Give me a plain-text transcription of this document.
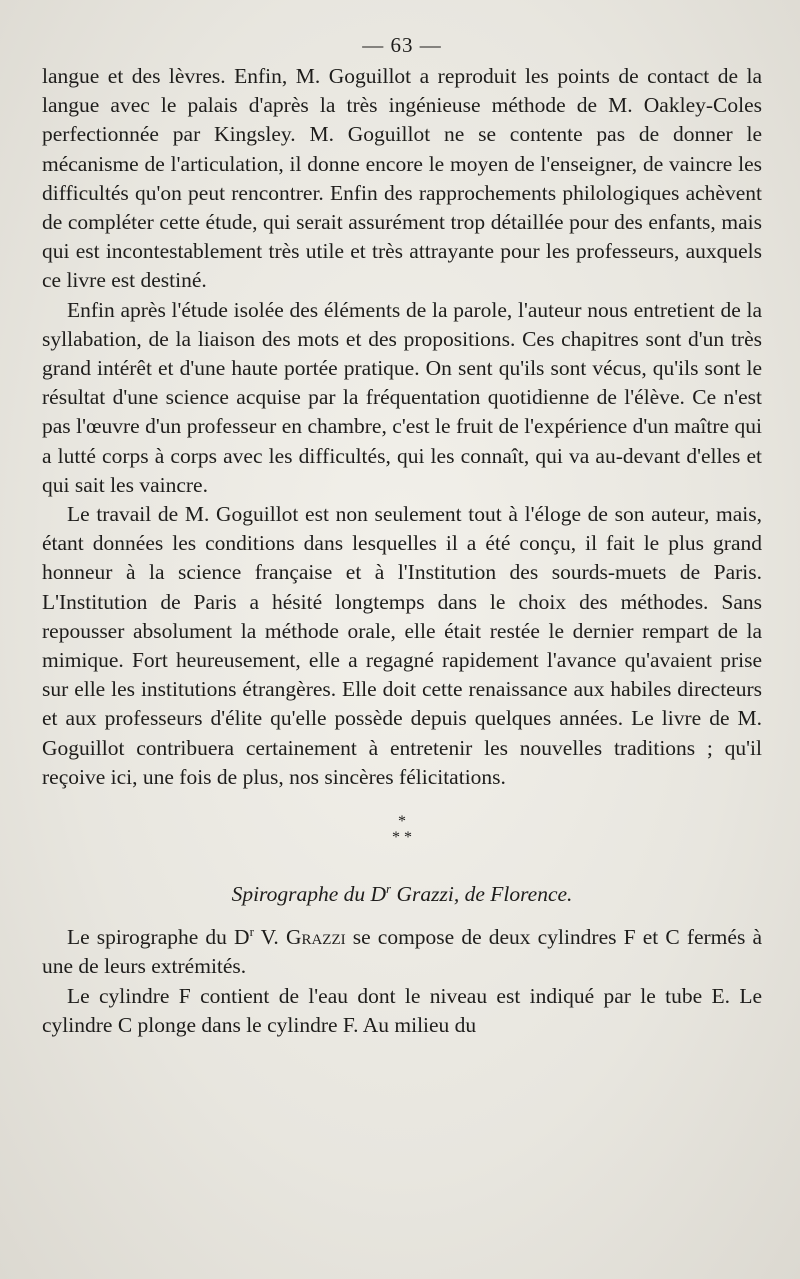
— 63 —

langue et des lèvres. Enfin, M. Goguillot a reproduit les points de contact de la langue avec le palais d'après la très ingénieuse méthode de M. Oakley-Coles perfectionnée par Kingsley. M. Goguillot ne se contente pas de donner le mécanisme de l'articulation, il donne encore le moyen de l'enseigner, de vaincre les difficultés qu'on peut rencontrer. Enfin des rapprochements philologiques achèvent de compléter cette étude, qui serait assurément trop détaillée pour des enfants, mais qui est incontestablement très utile et très attrayante pour les professeurs, auxquels ce livre est destiné.

Enfin après l'étude isolée des éléments de la parole, l'auteur nous entretient de la syllabation, de la liaison des mots et des propositions. Ces chapitres sont d'un très grand intérêt et d'une haute portée pratique. On sent qu'ils sont vécus, qu'ils sont le résultat d'une science acquise par la fréquentation quotidienne de l'élève. Ce n'est pas l'œuvre d'un professeur en chambre, c'est le fruit de l'expérience d'un maître qui a lutté corps à corps avec les difficultés, qui les connaît, qui va au-devant d'elles et qui sait les vaincre.

Le travail de M. Goguillot est non seulement tout à l'éloge de son auteur, mais, étant données les conditions dans lesquelles il a été conçu, il fait le plus grand honneur à la science française et à l'Institution des sourds-muets de Paris. L'Institution de Paris a hésité longtemps dans le choix des méthodes. Sans repousser absolument la méthode orale, elle était restée le dernier rempart de la mimique. Fort heureusement, elle a regagné rapidement l'avance qu'avaient prise sur elle les institutions étrangères. Elle doit cette renaissance aux habiles directeurs et aux professeurs d'élite qu'elle possède depuis quelques années. Le livre de M. Goguillot contribuera certainement à entretenir les nouvelles traditions ; qu'il reçoive ici, une fois de plus, nos sincères félicitations.

*
* *
Spirographe du $D^r$ Grazzi, de Florence.

Le spirographe du $D^r$ V. Grazzi se compose de deux cylindres F et C fermés à une de leurs extrémités.

Le cylindre F contient de l'eau dont le niveau est indiqué par le tube E. Le cylindre C plonge dans le cylindre F. Au milieu du
